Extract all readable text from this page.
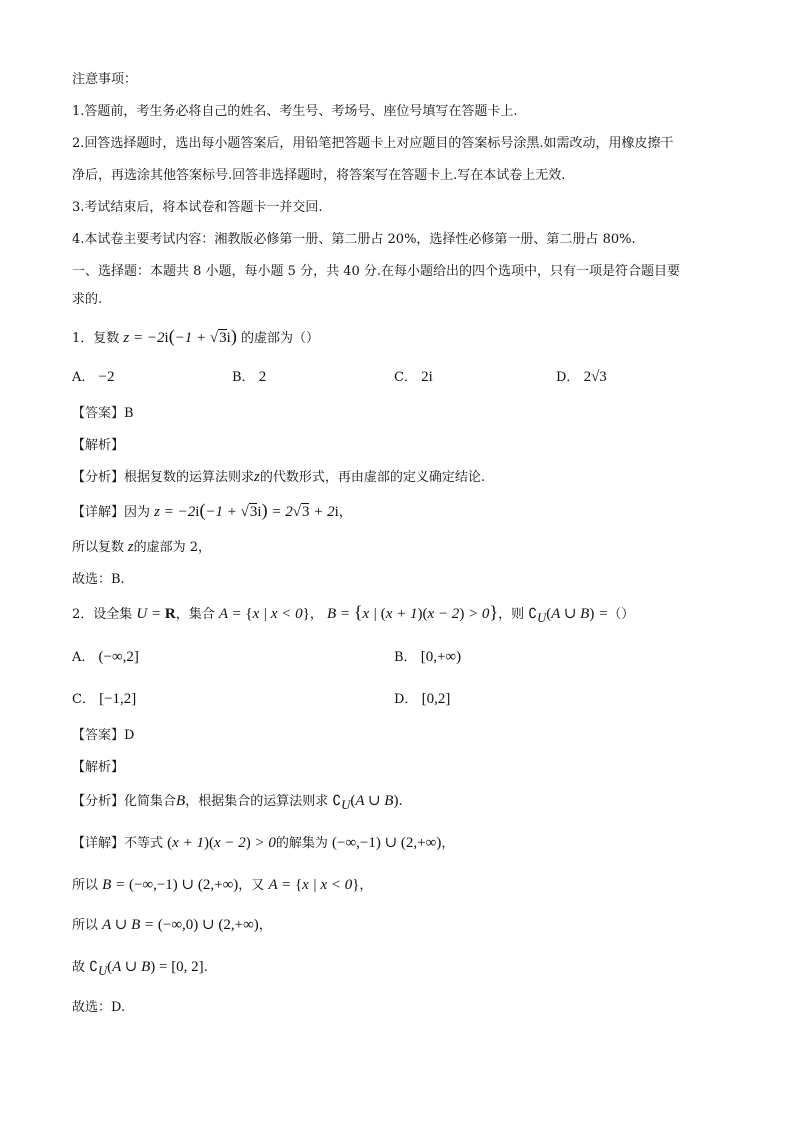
注意事项：
1.答题前，考生务必将自己的姓名、考生号、考场号、座位号填写在答题卡上.
2.回答选择题时，选出每小题答案后，用铅笔把答题卡上对应题目的答案标号涂黑.如需改动，用橡皮擦干
净后，再选涂其他答案标号.回答非选择题时，将答案写在答题卡上.写在本试卷上无效.
3.考试结束后，将本试卷和答题卡一并交回.
4.本试卷主要考试内容：湘教版必修第一册、第二册占 20%，选择性必修第一册、第二册占 80%.
一、选择题：本题共 8 小题，每小题 5 分，共 40 分.在每小题给出的四个选项中，只有一项是符合题目要
求的.
1．复数 z = −2i(−1 + √3i) 的虚部为（）
A． −2	B． 2	C． 2i	D． 2√3
【答案】B
【解析】
【分析】根据复数的运算法则求z的代数形式，再由虚部的定义确定结论.
【详解】因为 z = −2i(−1 + √3i) = 2√3 + 2i，
所以复数 z的虚部为 2，
故选：B.
2．设全集 U = R，集合 A = {x | x < 0}， B = {x | (x + 1)(x − 2) > 0}，则 $∁_U(A$ ∪ B) =（）
A． (−∞,2]	B． [0,+∞)
C． [−1,2]	D． [0,2]
【答案】D
【解析】
【分析】化简集合B，根据集合的运算法则求 $∁_U(A$ ∪ B).
【详解】不等式 (x + 1)(x − 2) > 0的解集为 (−∞,−1) ∪ (2,+∞)，
所以 B = (−∞,−1) ∪ (2,+∞)，又 A = {x | x < 0}，
所以 A ∪ B = (−∞,0) ∪ (2,+∞)，
故 $∁_U(A$ ∪ B) = [0, 2].
故选：D.
